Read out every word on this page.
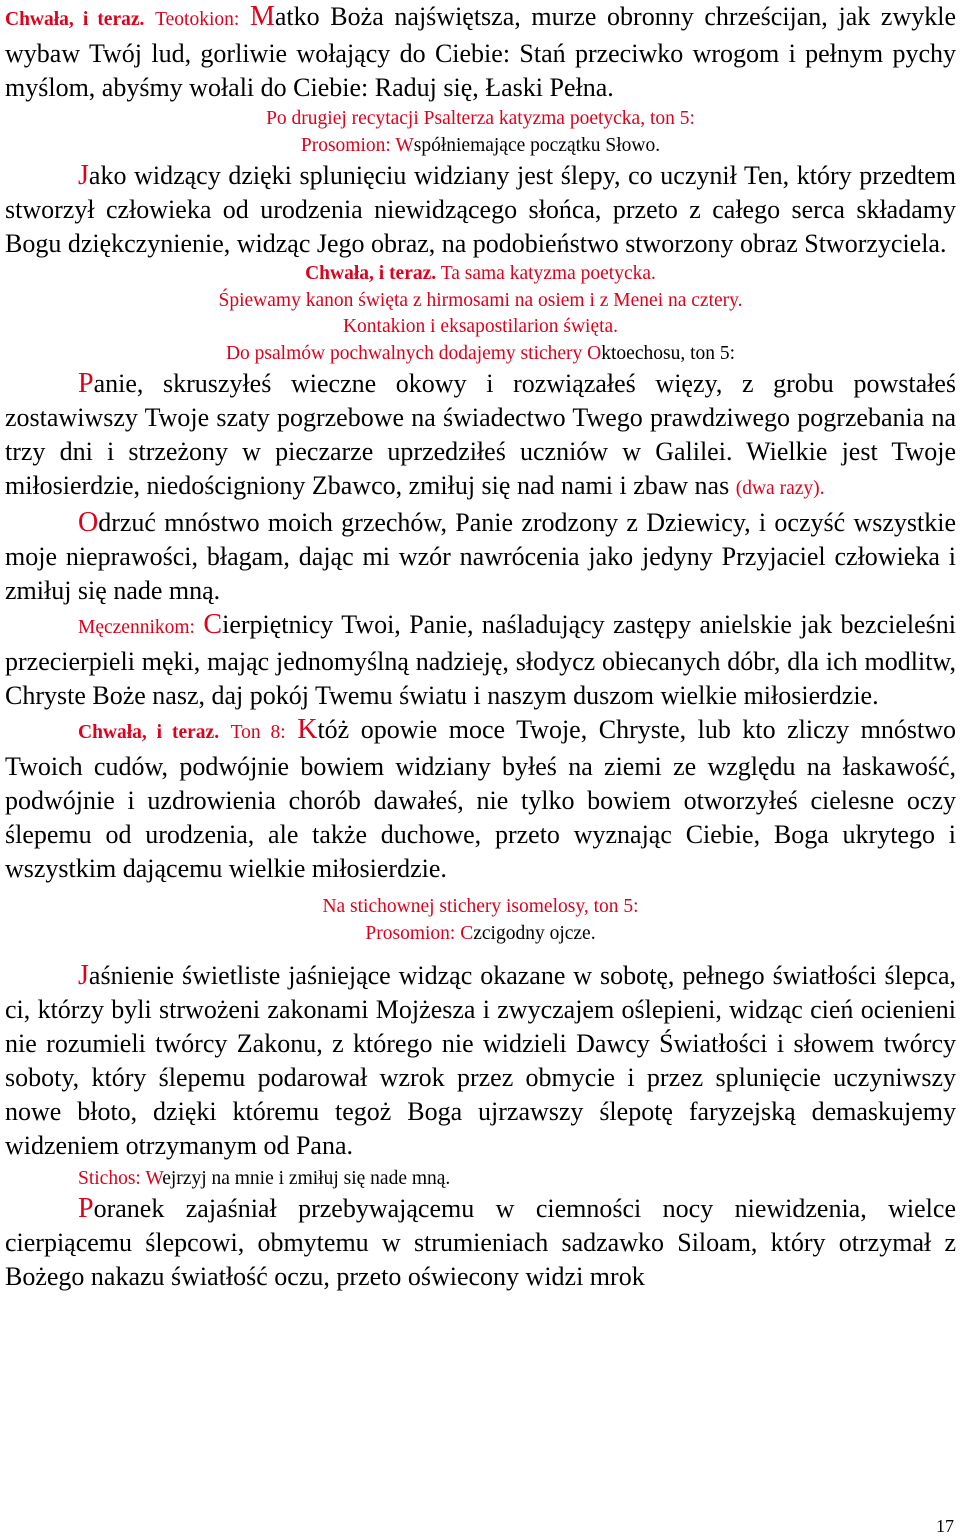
Chwała, i teraz. Teotokion: Matko Boża najświętsza, murze obronny chrześcijan, jak zwykle wybaw Twój lud, gorliwie wołający do Ciebie: Stań przeciwko wrogom i pełnym pychy myślom, abyśmy wołali do Ciebie: Raduj się, Łaski Pełna.

Po drugiej recytacji Psalterza katyzma poetycka, ton 5:

Prosomion: Współniemające początku Słowo.

Jako widzący dzięki splunięciu widziany jest ślepy, co uczynił Ten, który przedtem stworzył człowieka od urodzenia niewidzącego słońca, przeto z całego serca składamy Bogu dziękczynienie, widząc Jego obraz, na podobieństwo stworzony obraz Stworzyciela.

Chwała, i teraz. Ta sama katyzma poetycka.

Śpiewamy kanon święta z hirmosami na osiem i z Menei na cztery.

Kontakion i eksapostilarion święta.

Do psalmów pochwalnych dodajemy stichery Oktoechosu, ton 5:

Panie, skruszyłeś wieczne okowy i rozwiązałeś więzy, z grobu powstałeś zostawiwszy Twoje szaty pogrzebowe na świadectwo Twego prawdziwego pogrzebania na trzy dni i strzeżony w pieczarze uprzedziłeś uczniów w Galilei. Wielkie jest Twoje miłosierdzie, niedościgniony Zbawco, zmiłuj się nad nami i zbaw nas (dwa razy).

Odrzuć mnóstwo moich grzechów, Panie zrodzony z Dziewicy, i oczyść wszystkie moje nieprawości, błagam, dając mi wzór nawrócenia jako jedyny Przyjaciel człowieka i zmiłuj się nade mną.

Męczennikom: Cierpiętnicy Twoi, Panie, naśladujący zastępy anielskie jak bezcieleśni przecierpieli męki, mając jednomyślną nadzieję, słodycz obiecanych dóbr, dla ich modlitw, Chryste Boże nasz, daj pokój Twemu światu i naszym duszom wielkie miłosierdzie.

Chwała, i teraz. Ton 8: Któż opowie moce Twoje, Chryste, lub kto zliczy mnóstwo Twoich cudów, podwójnie bowiem widziany byłeś na ziemi ze względu na łaskawość, podwójnie i uzdrowienia chorób dawałeś, nie tylko bowiem otworzyłeś cielesne oczy ślepemu od urodzenia, ale także duchowe, przeto wyznając Ciebie, Boga ukrytego i wszystkim dającemu wielkie miłosierdzie.

Na stichownej stichery isomelosy, ton 5:

Prosomion: Czcigodny ojcze.

Jaśnienie świetliste jaśniejące widząc okazane w sobotę, pełnego światłości ślepca, ci, którzy byli strwożeni zakonami Mojżesza i zwyczajem oślepieni, widząc cień ocienieni nie rozumieli twórcy Zakonu, z którego nie widzieli Dawcy Światłości i słowem twórcy soboty, który ślepemu podarował wzrok przez obmycie i przez splunięcie uczyniwszy nowe błoto, dzięki któremu tegoż Boga ujrzawszy ślepotę faryzejską demaskujemy widzeniem otrzymanym od Pana.

Stichos: Wejrzyj na mnie i zmiłuj się nade mną.

Poranek zajaśniał przebywającemu w ciemności nocy niewidzenia, wielce cierpiącemu ślepcowi, obmytemu w strumieniach sadzawko Siloam, który otrzymał z Bożego nakazu światłość oczu, przeto oświecony widzi mrok

17
